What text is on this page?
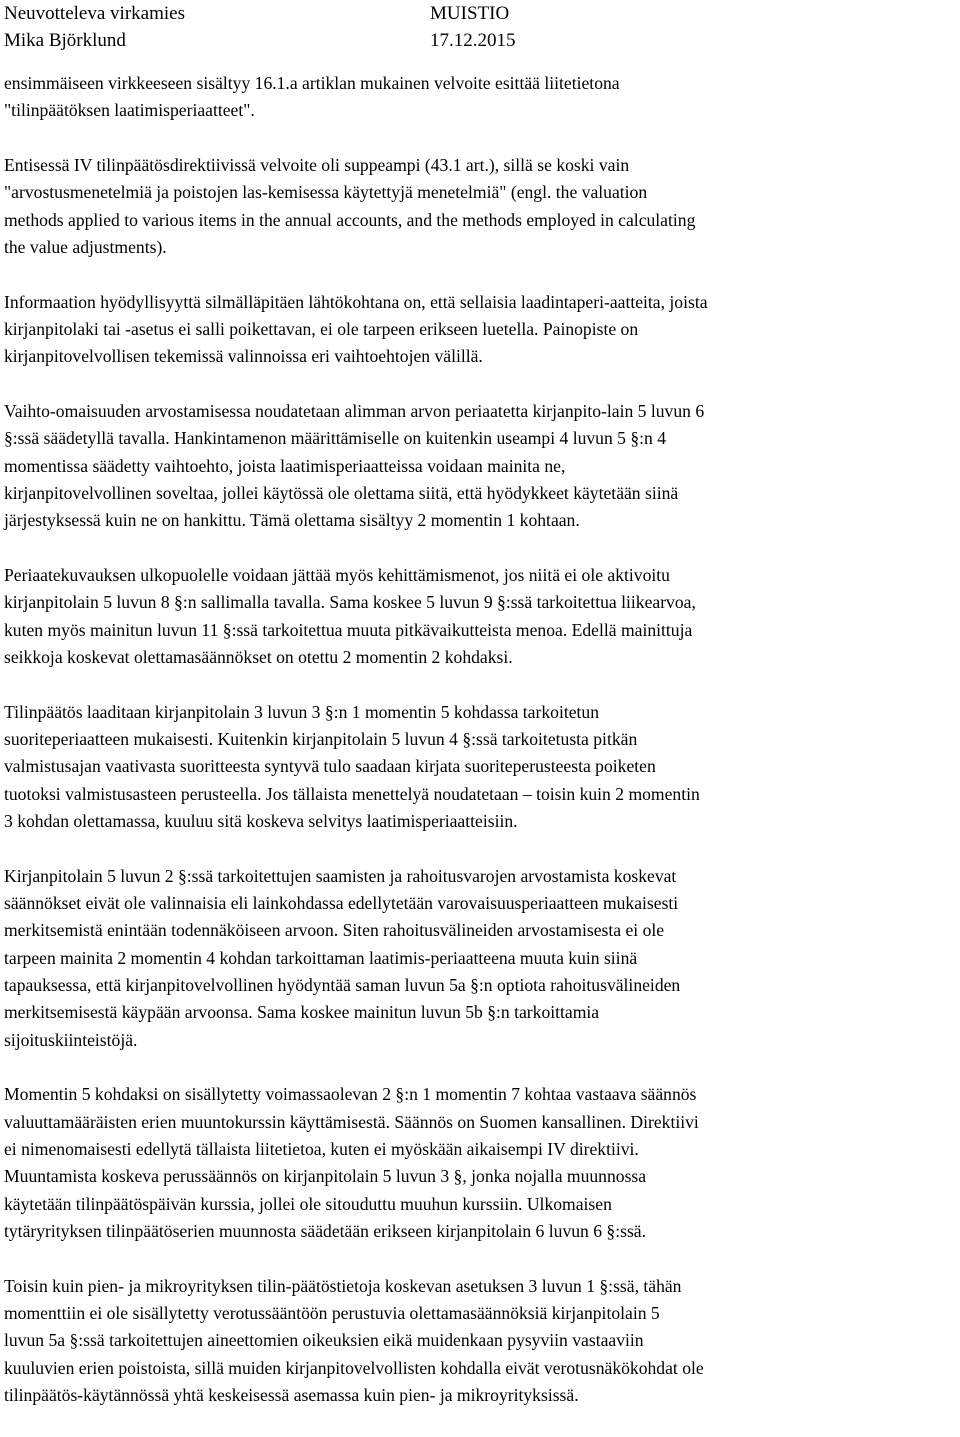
Neuvotteleva virkamies	MUISTIO
Mika Björklund	17.12.2015

ensimmäiseen virkkeeseen sisältyy 16.1.a artiklan mukainen velvoite esittää liitetietona
"tilinpäätöksen laatimisperiaatteet".

Entisessä IV tilinpäätösdirektiivissä velvoite oli suppeampi (43.1 art.), sillä se koski vain
"arvostusmenetelmiä ja poistojen las-kemisessa käytettyjä menetelmiä" (engl. the valuation
methods applied to various items in the annual accounts, and the methods employed in calculating
the value adjustments).

Informaation hyödyllisyyttä silmälläpitäen lähtökohtana on, että sellaisia laadintaperi-aatteita, joista
kirjanpitolaki tai -asetus ei salli poikettavan, ei ole tarpeen erikseen luetella. Painopiste on
kirjanpitovelvollisen tekemissä valinnoissa eri vaihtoehtojen välillä.

Vaihto-omaisuuden arvostamisessa noudatetaan alimman arvon periaatetta kirjanpito-lain 5 luvun 6
§:ssä säädetyllä tavalla. Hankintamenon määrittämiselle on kuitenkin useampi 4 luvun 5 §:n 4
momentissa säädetty vaihtoehto, joista laatimisperiaatteissa voidaan mainita ne,
kirjanpitovelvollinen soveltaa, jollei käytössä ole olettama siitä, että hyödykkeet käytetään siinä
järjestyksessä kuin ne on hankittu. Tämä olettama sisältyy 2 momentin 1 kohtaan.

Periaatekuvauksen ulkopuolelle voidaan jättää myös kehittämismenot, jos niitä ei ole aktivoitu
kirjanpitolain 5 luvun 8 §:n sallimalla tavalla. Sama koskee 5 luvun 9 §:ssä tarkoitettua liikearvoa,
kuten myös mainitun luvun 11 §:ssä tarkoitettua muuta pitkävaikutteista menoa. Edellä mainittuja
seikkoja koskevat olettamasäännökset on otettu 2 momentin 2 kohdaksi.

Tilinpäätös laaditaan kirjanpitolain 3 luvun 3 §:n 1 momentin 5 kohdassa tarkoitetun
suoriteperiaatteen mukaisesti. Kuitenkin kirjanpitolain 5 luvun 4 §:ssä tarkoitetusta pitkän
valmistusajan vaativasta suoritteesta syntyvä tulo saadaan kirjata suoriteperusteesta poiketen
tuotoksi valmistusasteen perusteella. Jos tällaista menettelyä noudatetaan – toisin kuin 2 momentin
3 kohdan olettamassa, kuuluu sitä koskeva selvitys laatimisperiaatteisiin.

Kirjanpitolain 5 luvun 2 §:ssä tarkoitettujen saamisten ja rahoitusvarojen arvostamista koskevat
säännökset eivät ole valinnaisia eli lainkohdassa edellytetään varovaisuusperiaatteen mukaisesti
merkitsemistä enintään todennäköiseen arvoon. Siten rahoitusvälineiden arvostamisesta ei ole
tarpeen mainita 2 momentin 4 kohdan tarkoittaman laatimis-periaatteena muuta kuin siinä
tapauksessa, että kirjanpitovelvollinen hyödyntää saman luvun 5a §:n optiota rahoitusvälineiden
merkitsemisestä käypään arvoonsa. Sama koskee mainitun luvun 5b §:n tarkoittamia
sijoituskiinteistöjä.

Momentin 5 kohdaksi on sisällytetty voimassaolevan 2 §:n 1 momentin 7 kohtaa vastaava säännös
valuuttamääräisten erien muuntokurssin käyttämisestä. Säännös on Suomen kansallinen. Direktiivi
ei nimenomaisesti edellytä tällaista liitetietoa, kuten ei myöskään aikaisempi IV direktiivi.
Muuntamista koskeva perussäännös on kirjanpitolain 5 luvun 3 §, jonka nojalla muunnossa
käytetään tilinpäätöspäivän kurssia, jollei ole sitouduttu muuhun kurssiin. Ulkomaisen
tytäryrityksen tilinpäätöserien muunnosta säädetään erikseen kirjanpitolain 6 luvun 6 §:ssä.

Toisin kuin pien- ja mikroyrityksen tilin-päätöstietoja koskevan asetuksen 3 luvun 1 §:ssä, tähän
momenttiin ei ole sisällytetty verotussääntöön perustuvia olettamasäännöksiä kirjanpitolain 5
luvun 5a §:ssä tarkoitettujen aineettomien oikeuksien eikä muidenkaan pysyviin vastaaviin
kuuluvien erien poistoista, sillä muiden kirjanpitovelvollisten kohdalla eivät verotusnäkökohdat ole
tilinpäätös-käytännössä yhtä keskeisessä asemassa kuin pien- ja mikroyrityksissä.
